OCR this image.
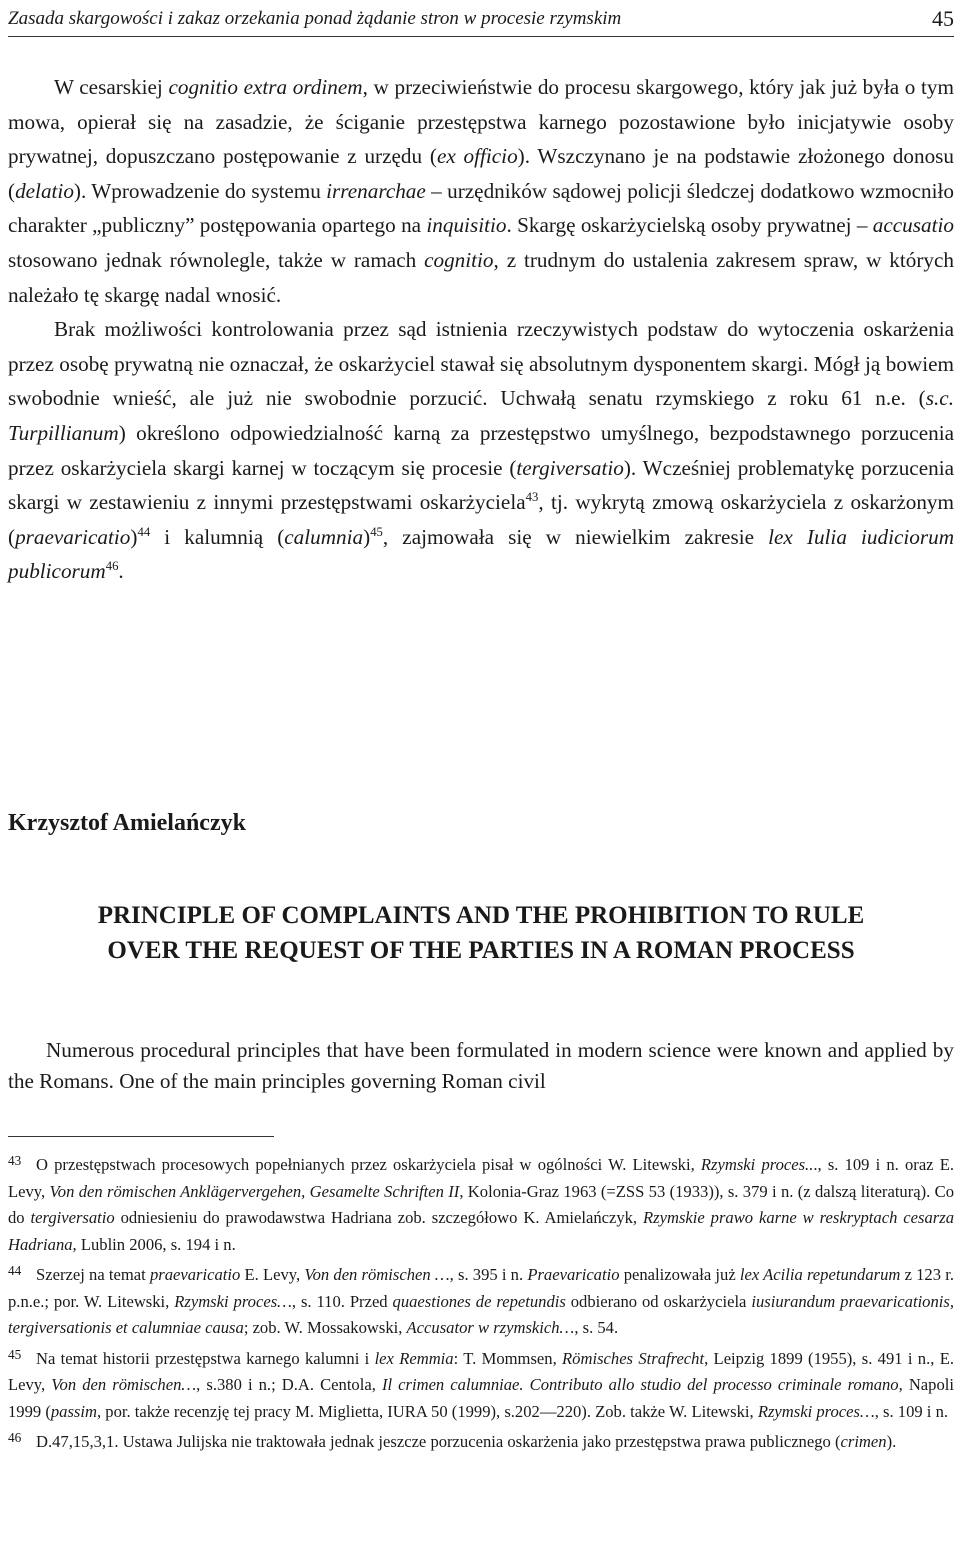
Zasada skargowości i zakaz orzekania ponad żądanie stron w procesie rzymskim	45

W cesarskiej cognitio extra ordinem, w przeciwieństwie do procesu skargowego, który jak już była o tym mowa, opierał się na zasadzie, że ściganie przestępstwa karnego pozostawione było inicjatywie osoby prywatnej, dopuszczano postępowanie z urzędu (ex officio). Wszczynano je na podstawie złożonego donosu (delatio). Wprowadzenie do systemu irrenarchae – urzędników sądowej policji śledczej dodatkowo wzmocniło charakter „publiczny” postępowania opartego na inquisitio. Skargę oskarżycielską osoby prywatnej – accusatio stosowano jednak równolegle, także w ramach cognitio, z trudnym do ustalenia zakresem spraw, w których należało tę skargę nadal wnosić.

Brak możliwości kontrolowania przez sąd istnienia rzeczywistych podstaw do wytoczenia oskarżenia przez osobę prywatną nie oznaczał, że oskarżyciel stawał się absolutnym dysponentem skargi. Mógł ją bowiem swobodnie wnieść, ale już nie swobodnie porzucić. Uchwałą senatu rzymskiego z roku 61 n.e. (s.c. Turpillianum) określono odpowiedzialność karną za przestępstwo umyślnego, bezpodstawnego porzucenia przez oskarżyciela skargi karnej w toczącym się procesie (tergiversatio). Wcześniej problematykę porzucenia skargi w zestawieniu z innymi przestępstwami oskarżyciela$^{43}$, tj. wykrytą zmową oskarżyciela z oskarżonym (praevaricatio)$^{44}$ i kalumnią (calumnia)$^{45}$, zajmowała się w niewielkim zakresie lex Iulia iudiciorum publicorum$^{46}$.

Krzysztof Amielańczyk
PRINCIPLE OF COMPLAINTS AND THE PROHIBITION TO RULE
OVER THE REQUEST OF THE PARTIES IN A ROMAN PROCESS

Numerous procedural principles that have been formulated in modern science were known and applied by the Romans. One of the main principles governing Roman civil

43 O przestępstwach procesowych popełnianych przez oskarżyciela pisał w ogólności W. Litewski, Rzymski proces..., s. 109 i n. oraz E. Levy, Von den römischen Anklägervergehen, Gesamelte Schriften II, Kolonia-Graz 1963 (=ZSS 53 (1933)), s. 379 i n. (z dalszą literaturą). Co do tergiversatio odniesieniu do prawodawstwa Hadriana zob. szczegółowo K. Amielańczyk, Rzymskie prawo karne w reskryptach cesarza Hadriana, Lublin 2006, s. 194 i n.

44 Szerzej na temat praevaricatio E. Levy, Von den römischen …, s. 395 i n. Praevaricatio penalizowała już lex Acilia repetundarum z 123 r. p.n.e.; por. W. Litewski, Rzymski proces…, s. 110. Przed quaestiones de repetundis odbierano od oskarżyciela iusiurandum praevaricationis, tergiversationis et calumniae causa; zob. W. Mossakowski, Accusator w rzymskich…, s. 54.

45 Na temat historii przestępstwa karnego kalumni i lex Remmia: T. Mommsen, Römisches Strafrecht, Leipzig 1899 (1955), s. 491 i n., E. Levy, Von den römischen…, s.380 i n.; D.A. Centola, Il crimen calumniae. Contributo allo studio del processo criminale romano, Napoli 1999 (passim, por. także recenzję tej pracy M. Miglietta, IURA 50 (1999), s.202—220). Zob. także W. Litewski, Rzymski proces…, s. 109 i n.

46 D.47,15,3,1. Ustawa Julijska nie traktowała jednak jeszcze porzucenia oskarżenia jako przestępstwa prawa publicznego (crimen).
